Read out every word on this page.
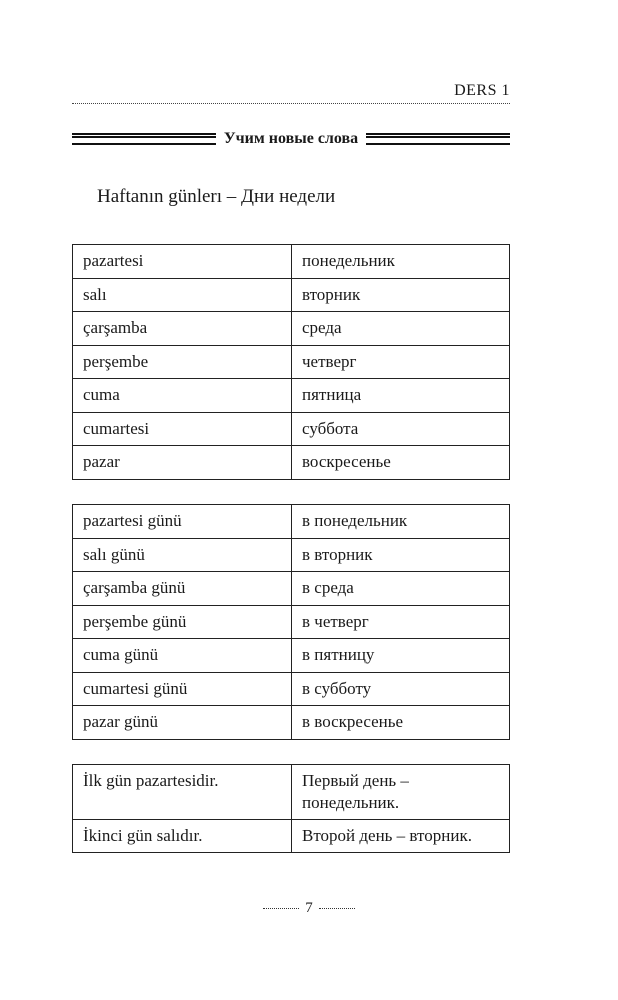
DERS 1
Учим новые слова
Haftanın günlerı – Дни недели
pazartesi	понедельник
salı	вторник
çarşamba	среда
perşembe	четверг
cuma	пятница
cumartesi	суббота
pazar	воскресенье
pazartesi günü	в понедельник
salı günü	в вторник
çarşamba günü	в среда
perşembe günü	в четверг
cuma günü	в пятницу
cumartesi günü	в субботу
pazar günü	в воскресенье
İlk gün pazartesidir.	Первый день – понедельник.
İkinci gün salıdır.	Второй день – вторник.
7
